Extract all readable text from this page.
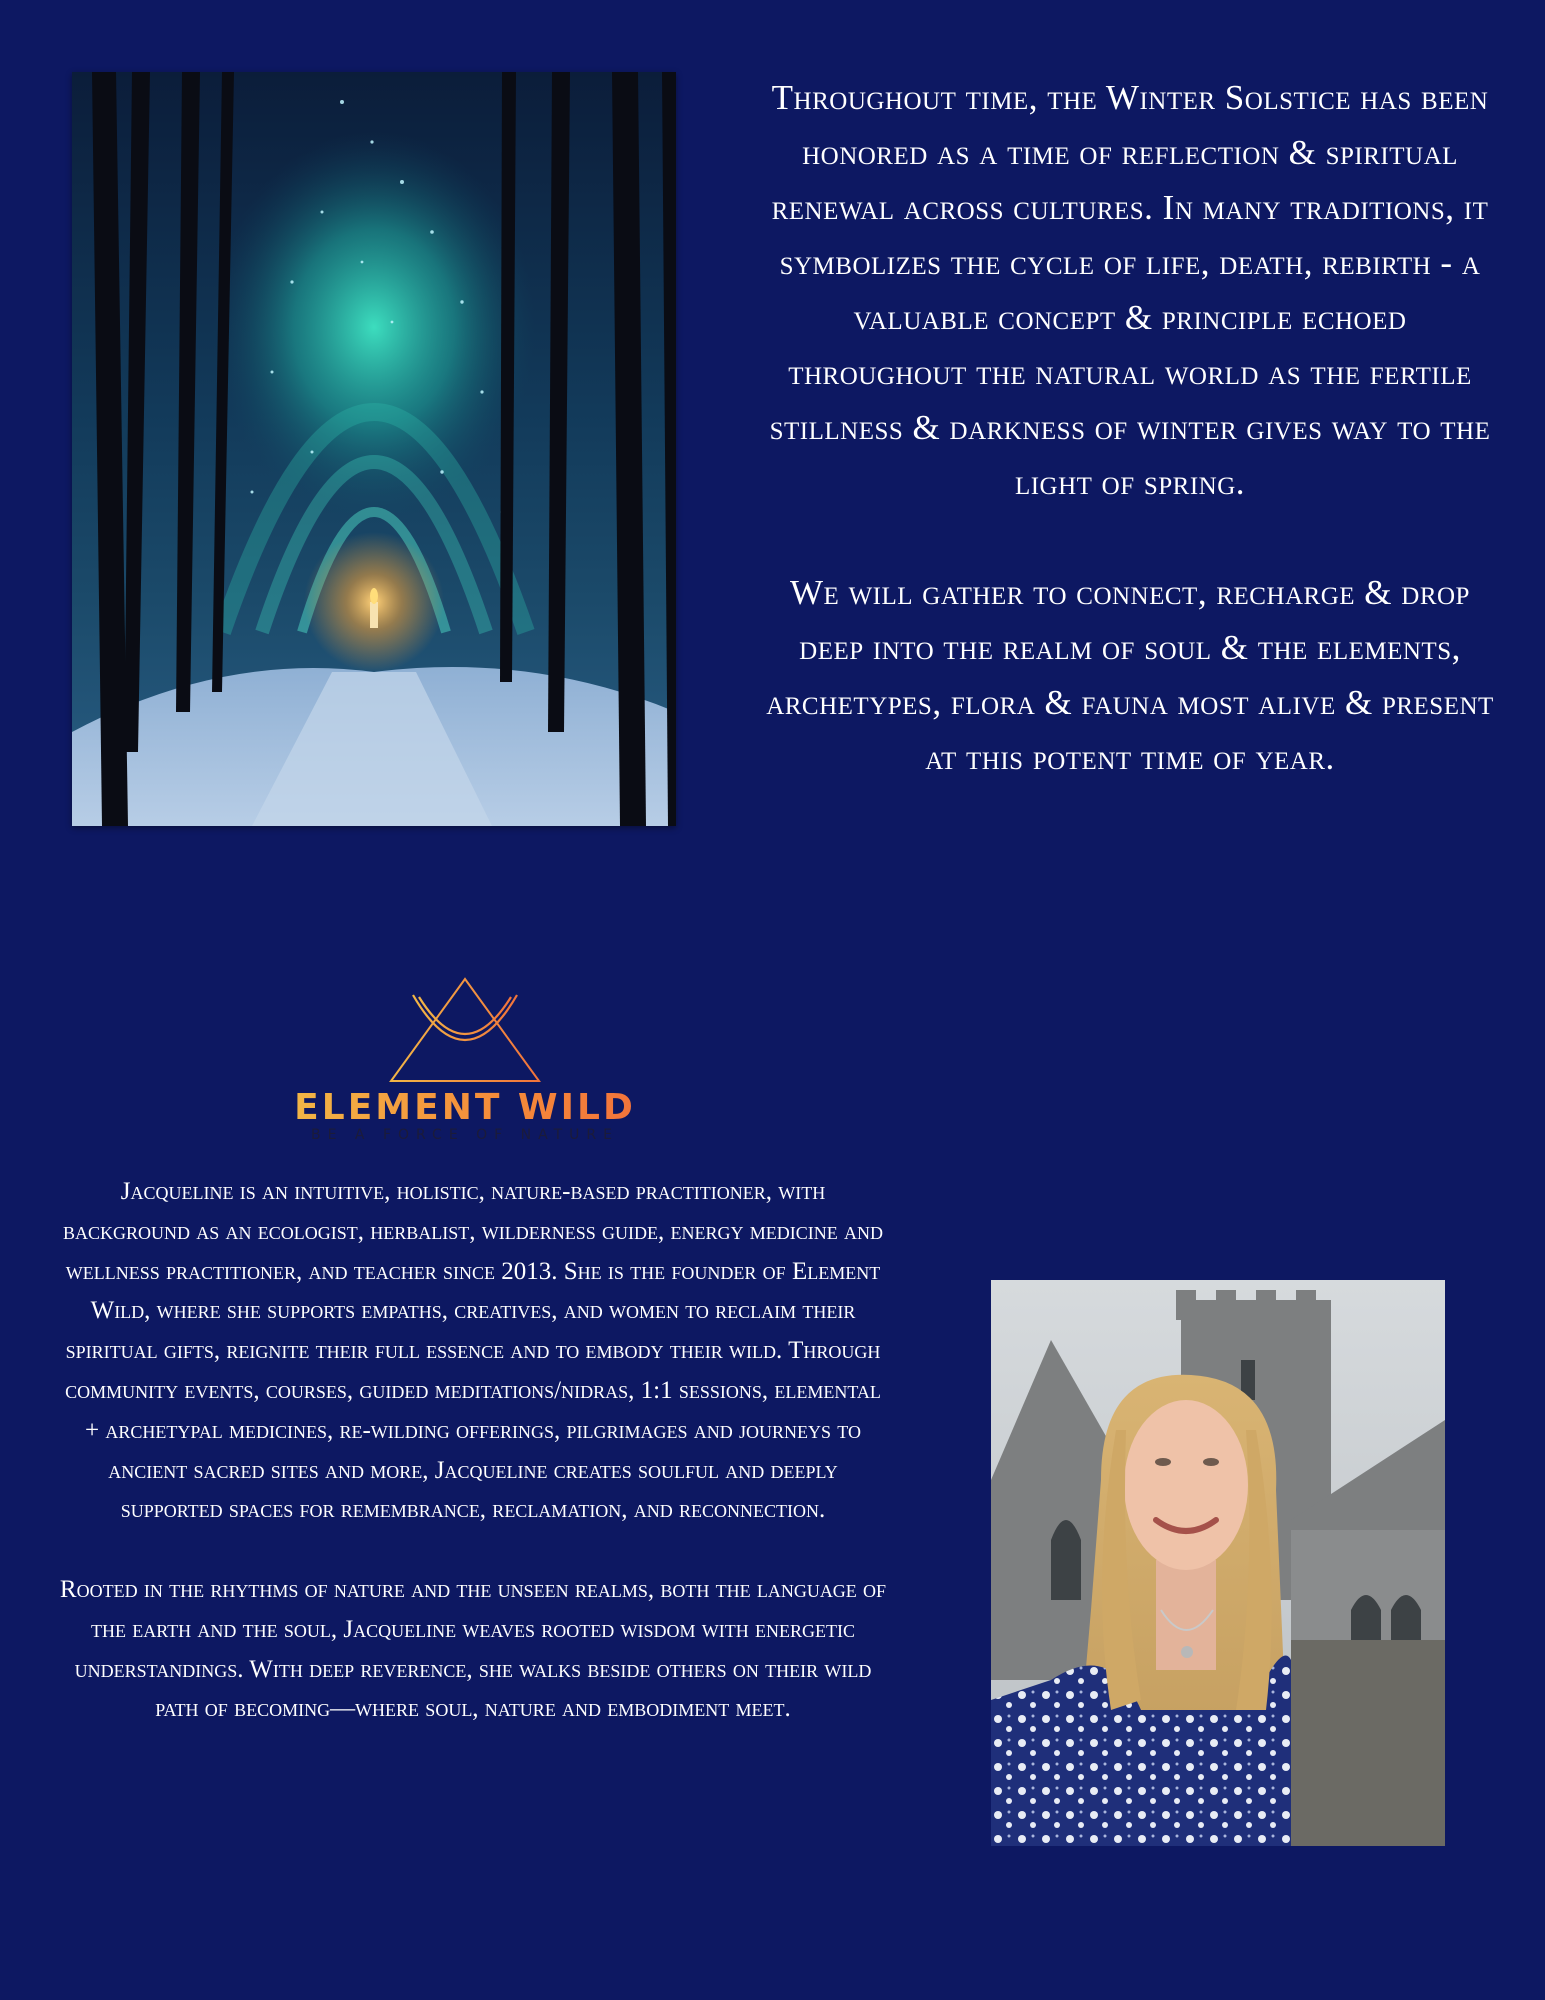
Throughout time, the Winter Solstice has been honored as a time of reflection & spiritual renewal across cultures. In many traditions, it symbolizes the cycle of life, death, rebirth - a valuable concept & principle echoed throughout the natural world as the fertile stillness & darkness of winter gives way to the light of spring.

We will gather to connect, recharge & drop deep into the realm of soul & the elements, archetypes, flora & fauna most alive & present at this potent time of year.

ELEMENT WILD
BE A FORCE OF NATURE

Jacqueline is an intuitive, holistic, nature-based practitioner, with background as an ecologist, herbalist, wilderness guide, energy medicine and wellness practitioner, and teacher since 2013. She is the founder of Element Wild, where she supports empaths, creatives, and women to reclaim their spiritual gifts, reignite their full essence and to embody their wild. Through community events, courses, guided meditations/nidras, 1:1 sessions, elemental + archetypal medicines, re-wilding offerings, pilgrimages and journeys to ancient sacred sites and more, Jacqueline creates soulful and deeply supported spaces for remembrance, reclamation, and reconnection.

Rooted in the rhythms of nature and the unseen realms, both the language of the earth and the soul, Jacqueline weaves rooted wisdom with energetic understandings. With deep reverence, she walks beside others on their wild path of becoming—where soul, nature and embodiment meet.
